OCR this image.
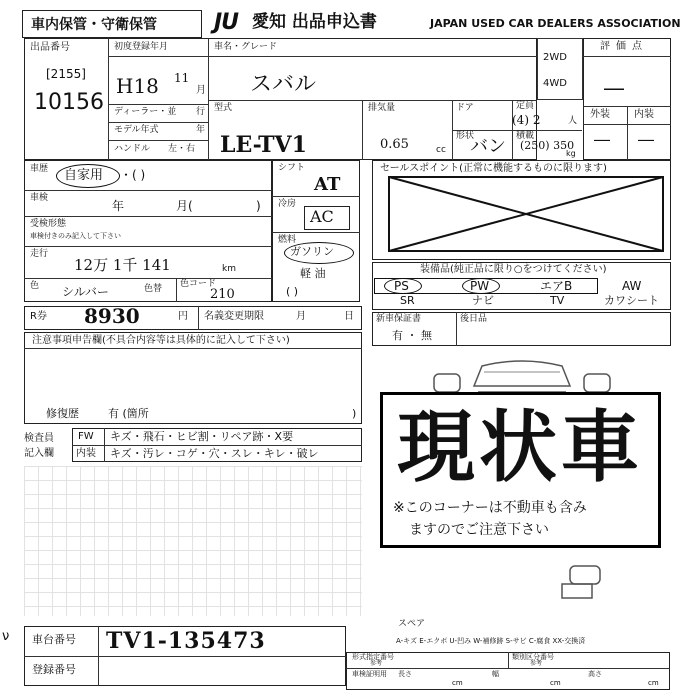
車内保管・守衛保管	JU 愛知 出品申込書	JAPAN USED CAR DEALERS ASSOCIATION
出品番号
[2155]
10156
初度登録年月
H18 11
月
ディーラー・並 行
モデル年式	年
ハンドル 左・右
車名・グレード
スバル
2WD
4WD
型式
LE-TV1
排気量
0.65	cc
ドア	定員
(4) 2	人
形状
バン 積載
(250) 350
kg
評価点
―
外装 内装
― ―
車歴 自家用 ・( )
車検
年	月(	)
受検形態
車検付きのみ記入して下さい
走行
12万 1千 141	km
色 シルバー	色替 色コード
210
シフト
AT
冷房
AC
燃料
ガソリン
軽 油
( )
セールスポイント(正常に機能するものに限ります)
装備品(純正品に限り○をつけてください)
PS	PW	エアB	AW
SR	ナビ	TV	カワシート
R券 8930	円 名義変更期限	月	日 新車保証書
有 ・ 無
後日品
注意事項申告欄(不具合内容等は具体的に記入して下さい)
修復歴	有 (箇所	)
検査員
記入欄
FW キズ・飛石・ヒビ割・リペア跡・X要
内装 キズ・汚レ・コゲ・穴・スレ・キレ・破レ 現状車
※このコーナーは不動車も含み
ますのでご注意下さい
スペア
A-キズ E-エクボ U-凹み W-補修跡 S-サビ C-腐食 XX-交換済
ν 車台番号 TV1-135473
登録番号
形式指定番号
参考
類別区分番号
参考
車検証明用 長さ
cm
幅
cm
高さ
cm
